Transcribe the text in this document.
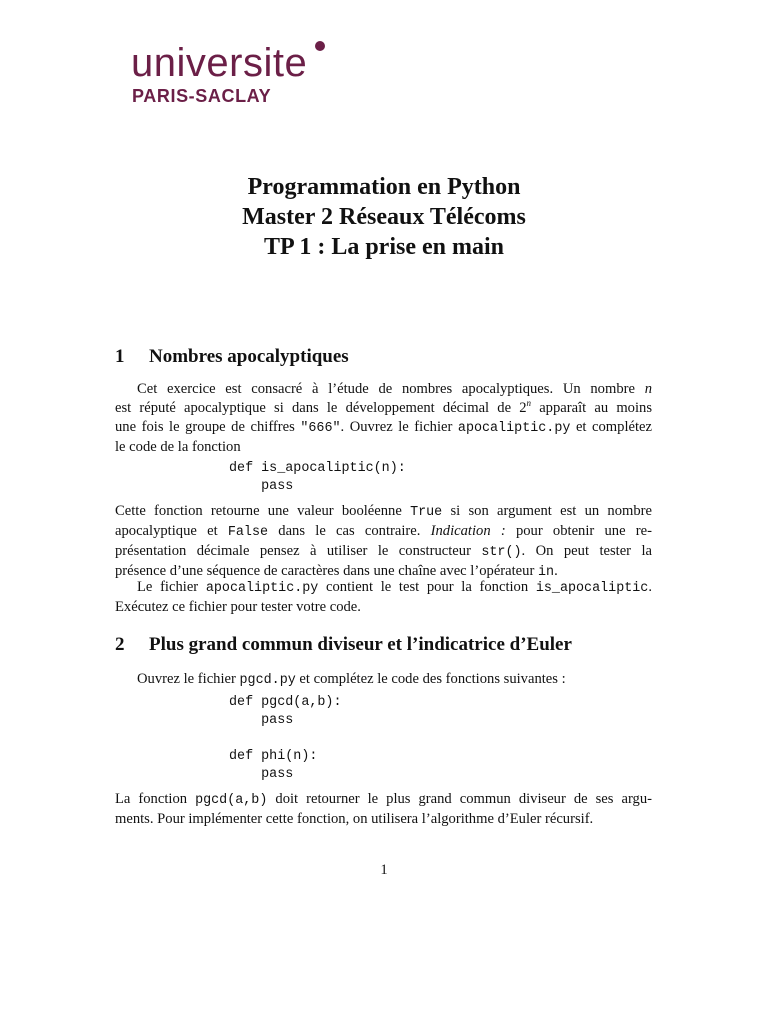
universite
PARIS-SACLAY

Programmation en Python

Master 2 Réseaux Télécoms

TP 1 : La prise en main

1 Nombres apocalyptiques

Cet exercice est consacré à l’étude de nombres apocalyptiques. Un nombre n
est réputé apocalyptique si dans le développement décimal de 2$^n$ apparaît au moins
une fois le groupe de chiffres "666". Ouvrez le fichier apocaliptic.py et complétez
le code de la fonction

def is_apocaliptic(n):
pass

Cette fonction retourne une valeur booléenne True si son argument est un nombre
apocalyptique et False dans le cas contraire. Indication : pour obtenir une re-
présentation décimale pensez à utiliser le constructeur str(). On peut tester la
présence d’une séquence de caractères dans une chaîne avec l’opérateur in.

Le fichier apocaliptic.py contient le test pour la fonction is_apocaliptic.
Exécutez ce fichier pour tester votre code.

2 Plus grand commun diviseur et l’indicatrice d’Euler

Ouvrez le fichier pgcd.py et complétez le code des fonctions suivantes :

def pgcd(a,b):
pass

def phi(n):
pass

La fonction pgcd(a,b) doit retourner le plus grand commun diviseur de ses argu-
ments. Pour implémenter cette fonction, on utilisera l’algorithme d’Euler récursif.

1
